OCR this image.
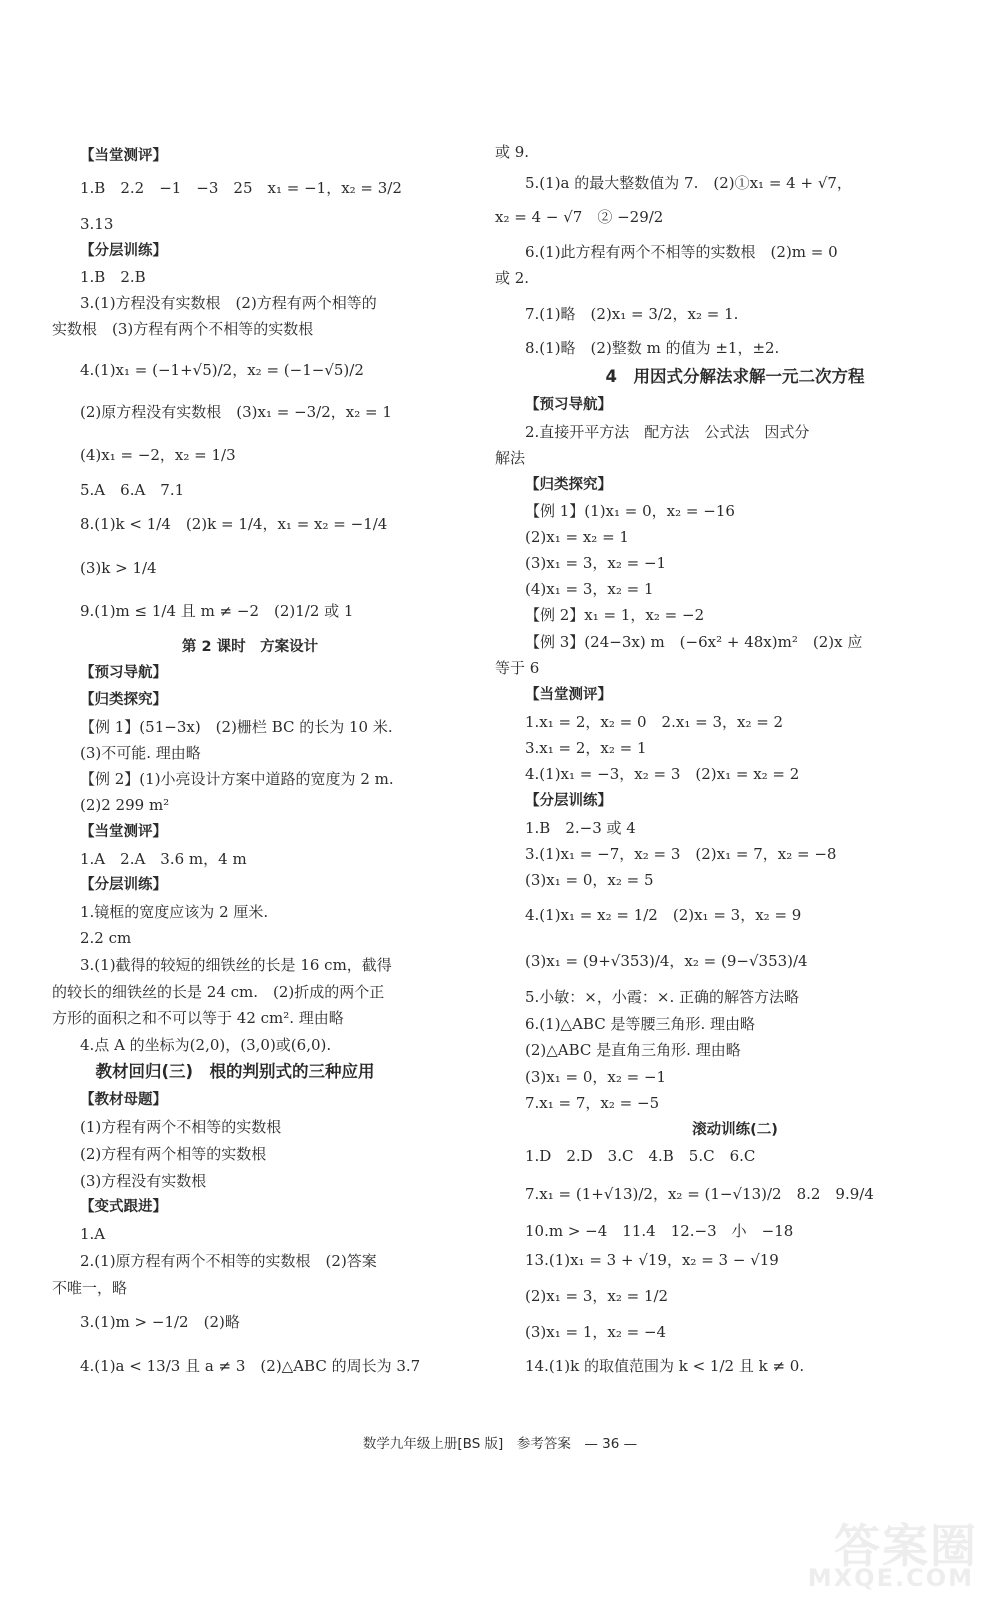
【当堂测评】
1.B　2.2　−1　−3　25　x₁ = −1，x₂ = 3/2
3.13
【分层训练】
1.B　2.B
3.(1)方程没有实数根　(2)方程有两个相等的
实数根　(3)方程有两个不相等的实数根
4.(1)x₁ = (−1+√5)/2，x₂ = (−1−√5)/2
(2)原方程没有实数根　(3)x₁ = −3/2，x₂ = 1
(4)x₁ = −2，x₂ = 1/3
5.A　6.A　7.1
8.(1)k < 1/4　(2)k = 1/4，x₁ = x₂ = −1/4
(3)k > 1/4
9.(1)m ≤ 1/4 且 m ≠ −2　(2)1/2 或 1
第 2 课时　方案设计
【预习导航】
【归类探究】
【例 1】(51−3x)　(2)栅栏 BC 的长为 10 米.
(3)不可能. 理由略
【例 2】(1)小亮设计方案中道路的宽度为 2 m.
(2)2 299 m²
【当堂测评】
1.A　2.A　3.6 m，4 m
【分层训练】
1.镜框的宽度应该为 2 厘米.
2.2 cm
3.(1)截得的较短的细铁丝的长是 16 cm，截得
的较长的细铁丝的长是 24 cm.　(2)折成的两个正
方形的面积之和不可以等于 42 cm². 理由略
4.点 A 的坐标为(2,0)，(3,0)或(6,0).
教材回归(三)　根的判别式的三种应用
【教材母题】
(1)方程有两个不相等的实数根
(2)方程有两个相等的实数根
(3)方程没有实数根
【变式跟进】
1.A
2.(1)原方程有两个不相等的实数根　(2)答案
不唯一，略
3.(1)m > −1/2　(2)略
4.(1)a < 13/3 且 a ≠ 3　(2)△ABC 的周长为 3.7
或 9.
5.(1)a 的最大整数值为 7.　(2)①x₁ = 4 + √7，
x₂ = 4 − √7　② −29/2
6.(1)此方程有两个不相等的实数根　(2)m = 0
或 2.
7.(1)略　(2)x₁ = 3/2，x₂ = 1.
8.(1)略　(2)整数 m 的值为 ±1，±2.
4　用因式分解法求解一元二次方程
【预习导航】
2.直接开平方法　配方法　公式法　因式分
解法
【归类探究】
【例 1】(1)x₁ = 0，x₂ = −16
(2)x₁ = x₂ = 1
(3)x₁ = 3，x₂ = −1
(4)x₁ = 3，x₂ = 1
【例 2】x₁ = 1，x₂ = −2
【例 3】(24−3x) m　(−6x² + 48x)m²　(2)x 应
等于 6
【当堂测评】
1.x₁ = 2，x₂ = 0　2.x₁ = 3，x₂ = 2
3.x₁ = 2，x₂ = 1
4.(1)x₁ = −3，x₂ = 3　(2)x₁ = x₂ = 2
【分层训练】
1.B　2.−3 或 4
3.(1)x₁ = −7，x₂ = 3　(2)x₁ = 7，x₂ = −8
(3)x₁ = 0，x₂ = 5
4.(1)x₁ = x₂ = 1/2　(2)x₁ = 3，x₂ = 9
(3)x₁ = (9+√353)/4，x₂ = (9−√353)/4
5.小敏：×，小霞：×. 正确的解答方法略
6.(1)△ABC 是等腰三角形. 理由略
(2)△ABC 是直角三角形. 理由略
(3)x₁ = 0，x₂ = −1
7.x₁ = 7，x₂ = −5
滚动训练(二)
1.D　2.D　3.C　4.B　5.C　6.C
7.x₁ = (1+√13)/2，x₂ = (1−√13)/2　8.2　9.9/4
10.m > −4　11.4　12.−3　小　−18
13.(1)x₁ = 3 + √19，x₂ = 3 − √19
(2)x₁ = 3，x₂ = 1/2
(3)x₁ = 1，x₂ = −4
14.(1)k 的取值范围为 k < 1/2 且 k ≠ 0.
数学九年级上册[BS 版]　参考答案　— 36 —
答案圈
MXQE.COM
